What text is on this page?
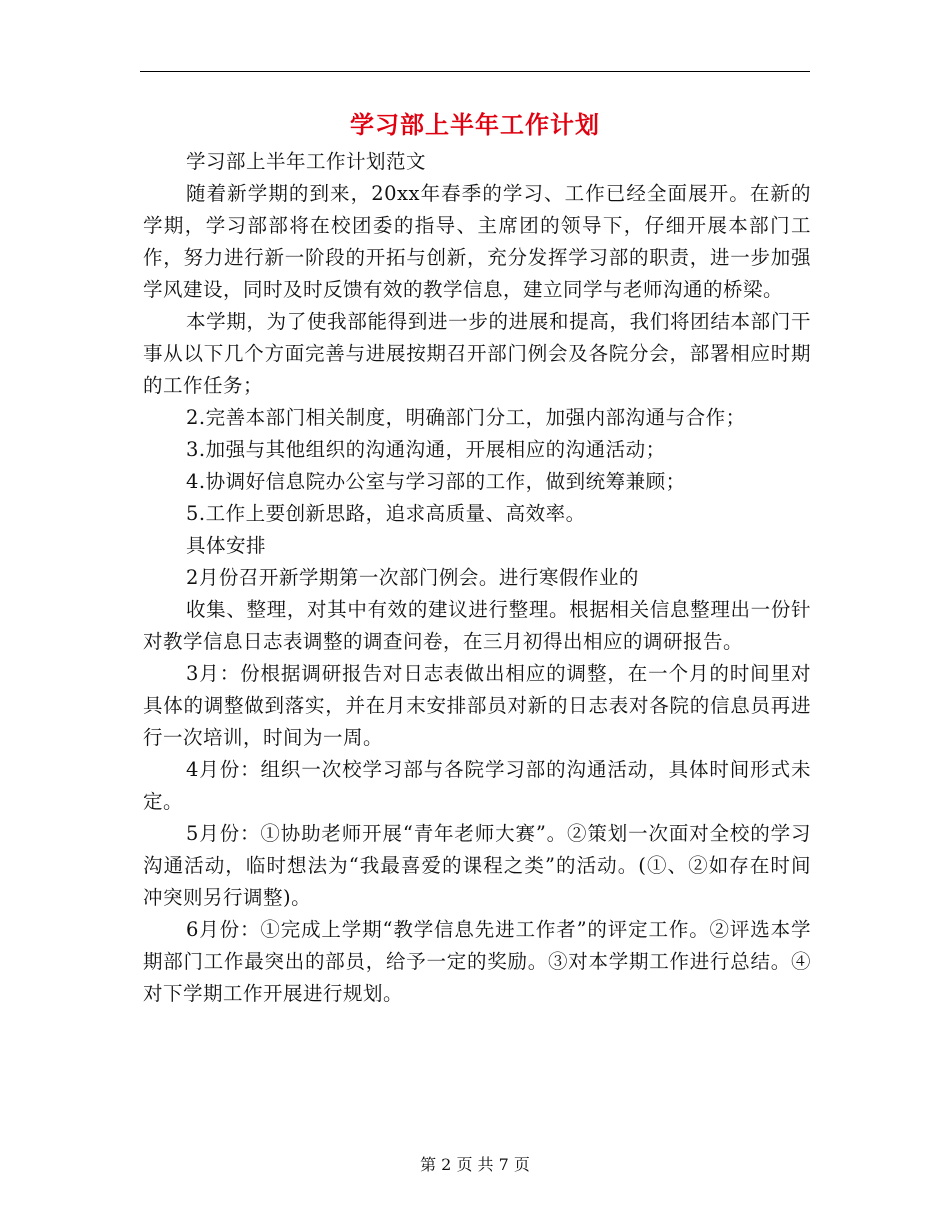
学习部上半年工作计划

学习部上半年工作计划范文

随着新学期的到来，20xx年春季的学习、工作已经全面展开。在新的学期，学习部部将在校团委的指导、主席团的领导下，仔细开展本部门工作，努力进行新一阶段的开拓与创新，充分发挥学习部的职责，进一步加强学风建设，同时及时反馈有效的教学信息，建立同学与老师沟通的桥梁。

本学期，为了使我部能得到进一步的进展和提高，我们将团结本部门干事从以下几个方面完善与进展按期召开部门例会及各院分会，部署相应时期的工作任务；

2.完善本部门相关制度，明确部门分工，加强内部沟通与合作；

3.加强与其他组织的沟通沟通，开展相应的沟通活动；

4.协调好信息院办公室与学习部的工作，做到统筹兼顾；

5.工作上要创新思路，追求高质量、高效率。

具体安排

2月份召开新学期第一次部门例会。进行寒假作业的

收集、整理，对其中有效的建议进行整理。根据相关信息整理出一份针对教学信息日志表调整的调查问卷，在三月初得出相应的调研报告。

3月：份根据调研报告对日志表做出相应的调整，在一个月的时间里对具体的调整做到落实，并在月末安排部员对新的日志表对各院的信息员再进行一次培训，时间为一周。

4月份：组织一次校学习部与各院学习部的沟通活动，具体时间形式未定。

5月份：①协助老师开展“青年老师大赛”。②策划一次面对全校的学习沟通活动，临时想法为“我最喜爱的课程之类”的活动。(①、②如存在时间冲突则另行调整)。

6月份：①完成上学期“教学信息先进工作者”的评定工作。②评选本学期部门工作最突出的部员，给予一定的奖励。③对本学期工作进行总结。④对下学期工作开展进行规划。

第 2 页 共 7 页
